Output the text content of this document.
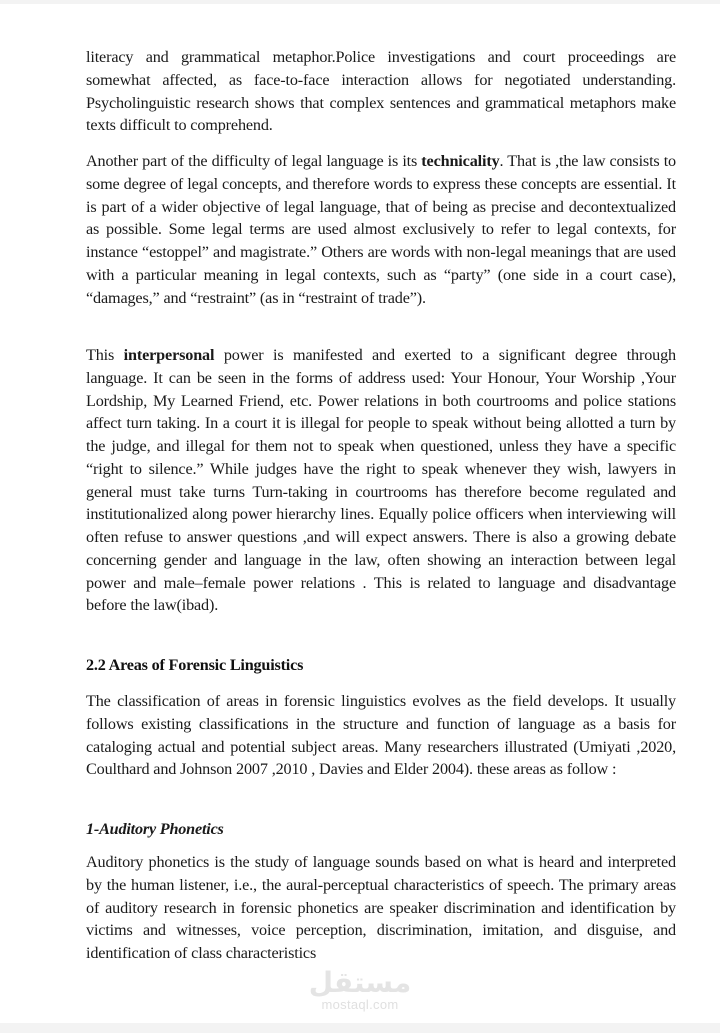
literacy and grammatical metaphor.Police investigations and court proceedings are somewhat affected, as face-to-face interaction allows for negotiated understanding. Psycholinguistic research shows that complex sentences and grammatical metaphors make texts difficult to comprehend.

Another part of the difficulty of legal language is its technicality. That is ,the law consists to some degree of legal concepts, and therefore words to express these concepts are essential. It is part of a wider objective of legal language, that of being as precise and decontextualized as possible. Some legal terms are used almost exclusively to refer to legal contexts, for instance “estoppel” and magistrate.” Others are words with non-legal meanings that are used with a particular meaning in legal contexts, such as “party” (one side in a court case), “damages,” and “restraint” (as in “restraint of trade”).

This interpersonal power is manifested and exerted to a significant degree through language. It can be seen in the forms of address used: Your Honour, Your Worship ,Your Lordship, My Learned Friend, etc. Power relations in both courtrooms and police stations affect turn taking. In a court it is illegal for people to speak without being allotted a turn by the judge, and illegal for them not to speak when questioned, unless they have a specific “right to silence.” While judges have the right to speak whenever they wish, lawyers in general must take turns Turn-taking in courtrooms has therefore become regulated and institutionalized along power hierarchy lines. Equally police officers when interviewing will often refuse to answer questions ,and will expect answers. There is also a growing debate concerning gender and language in the law, often showing an interaction between legal power and male–female power relations . This is related to language and disadvantage before the law(ibad).

2.2 Areas of Forensic Linguistics

The classification of areas in forensic linguistics evolves as the field develops. It usually follows existing classifications in the structure and function of language as a basis for cataloging actual and potential subject areas. Many researchers illustrated (Umiyati ,2020, Coulthard and Johnson 2007 ,2010 , Davies and Elder 2004). these areas as follow :

1-Auditory Phonetics

Auditory phonetics is the study of language sounds based on what is heard and interpreted by the human listener, i.e., the aural-perceptual characteristics of speech. The primary areas of auditory research in forensic phonetics are speaker discrimination and identification by victims and witnesses, voice perception, discrimination, imitation, and disguise, and identification of class characteristics

مستقل
mostaql.com
